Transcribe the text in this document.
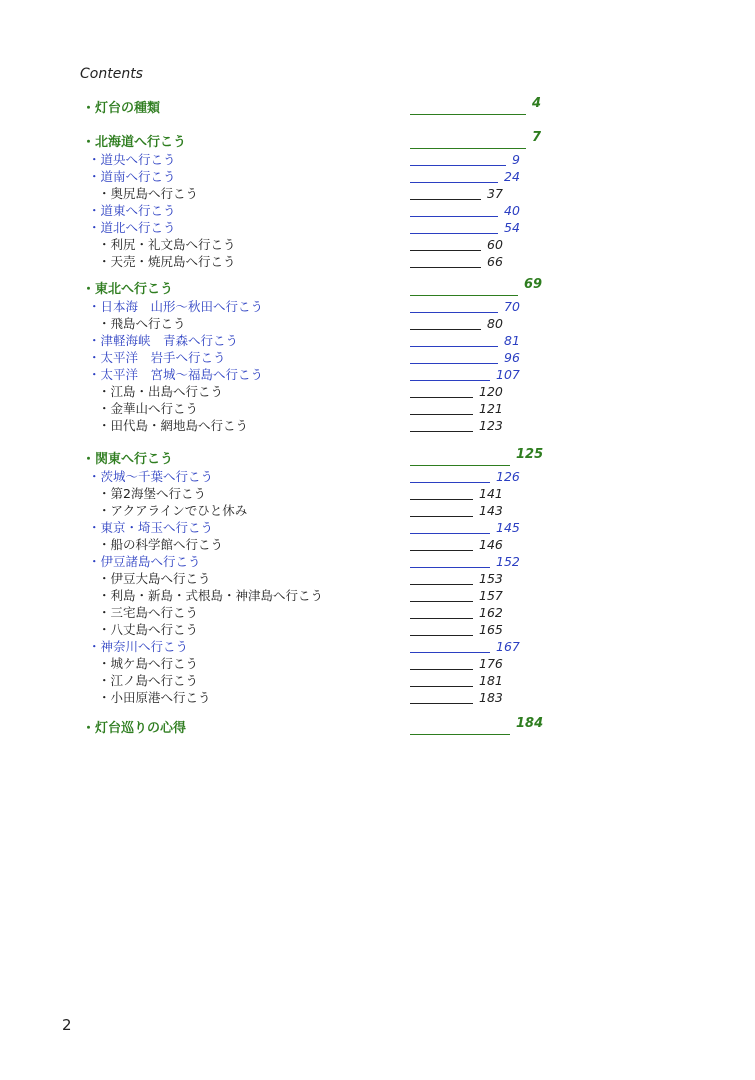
Contents
・灯台の種類	4
・北海道へ行こう	7
・道央へ行こう	9
・道南へ行こう	24
・奥尻島へ行こう	37
・道東へ行こう	40
・道北へ行こう	54
・利尻・礼文島へ行こう	60
・天売・焼尻島へ行こう	66
・東北へ行こう	69
・日本海　山形～秋田へ行こう	70
・飛島へ行こう	80
・津軽海峡　青森へ行こう	81
・太平洋　岩手へ行こう	96
・太平洋　宮城～福島へ行こう	107
・江島・出島へ行こう	120
・金華山へ行こう	121
・田代島・網地島へ行こう	123
・関東へ行こう	125
・茨城～千葉へ行こう	126
・第2海堡へ行こう	141
・アクアラインでひと休み	143
・東京・埼玉へ行こう	145
・船の科学館へ行こう	146
・伊豆諸島へ行こう	152
・伊豆大島へ行こう	153
・利島・新島・式根島・神津島へ行こう	157
・三宅島へ行こう	162
・八丈島へ行こう	165
・神奈川へ行こう	167
・城ケ島へ行こう	176
・江ノ島へ行こう	181
・小田原港へ行こう	183
・灯台巡りの心得	184
2
